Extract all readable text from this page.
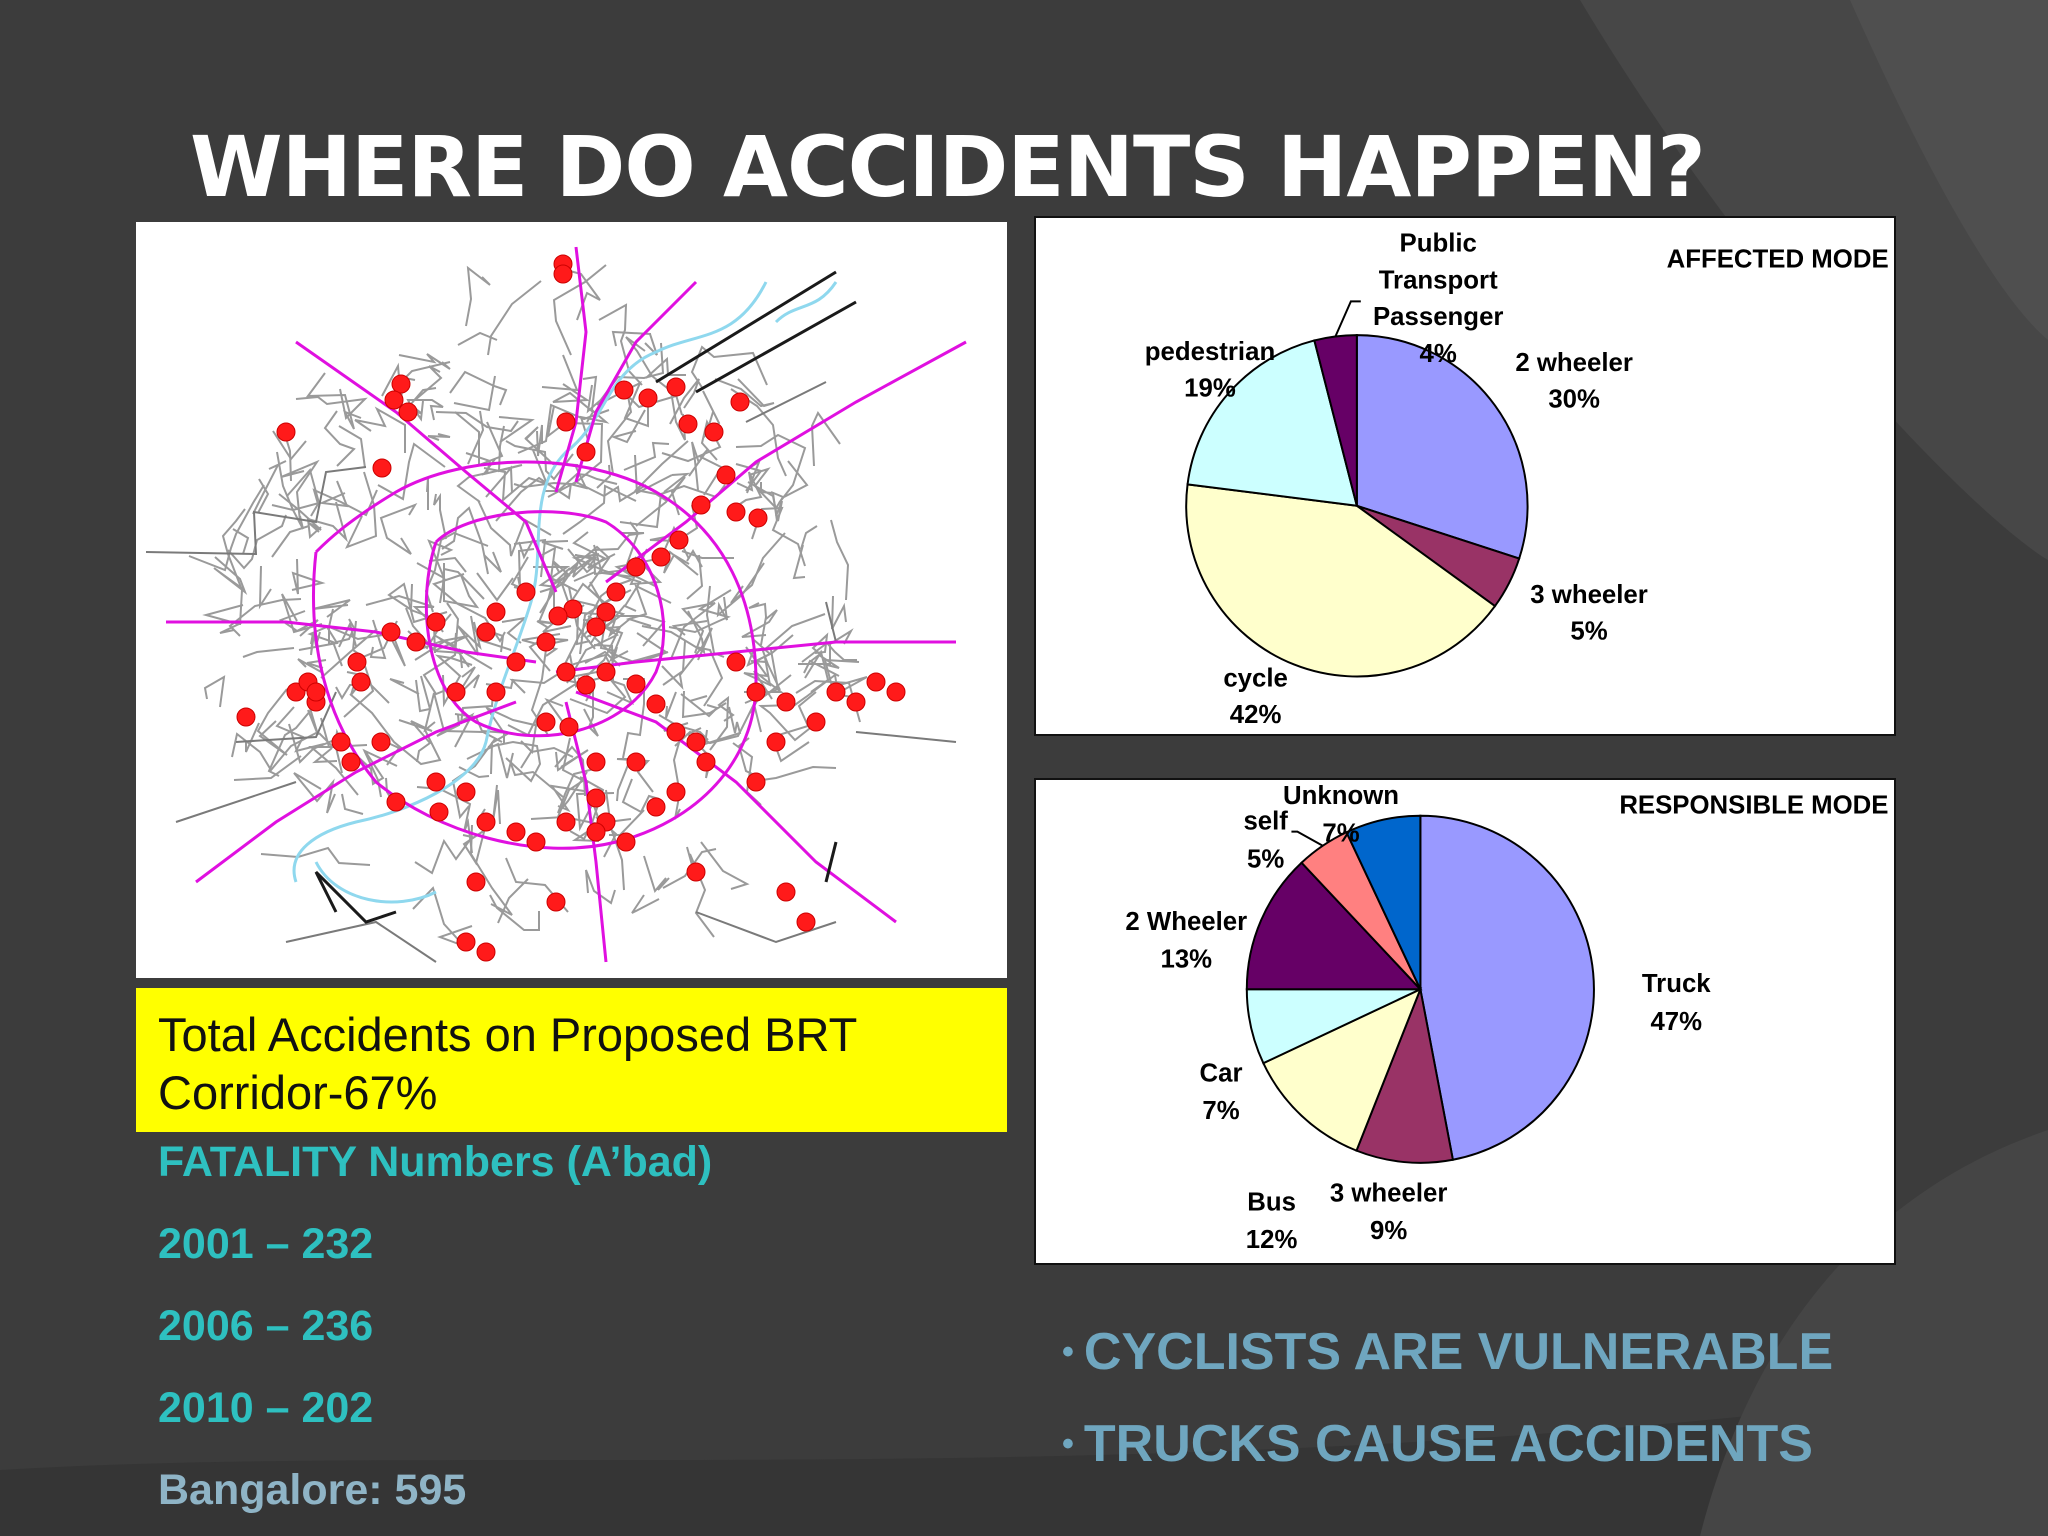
WHERE DO ACCIDENTS HAPPEN?
Total Accidents on Proposed BRT Corridor-67%
FATALITY Numbers (A’bad)
2001 – 232
2006 – 236
2010 – 202
Bangalore: 595
AFFECTED MODE
2 wheeler 30%
3 wheeler 5%
cycle 42%
pedestrian 19%
Public Transport Passenger 4%
RESPONSIBLE MODE
Truck 47%
3 wheeler 9%
Bus 12%
Car 7%
2 Wheeler 13%
self 5%
Unknown 7%
• CYCLISTS ARE VULNERABLE
• TRUCKS CAUSE ACCIDENTS
